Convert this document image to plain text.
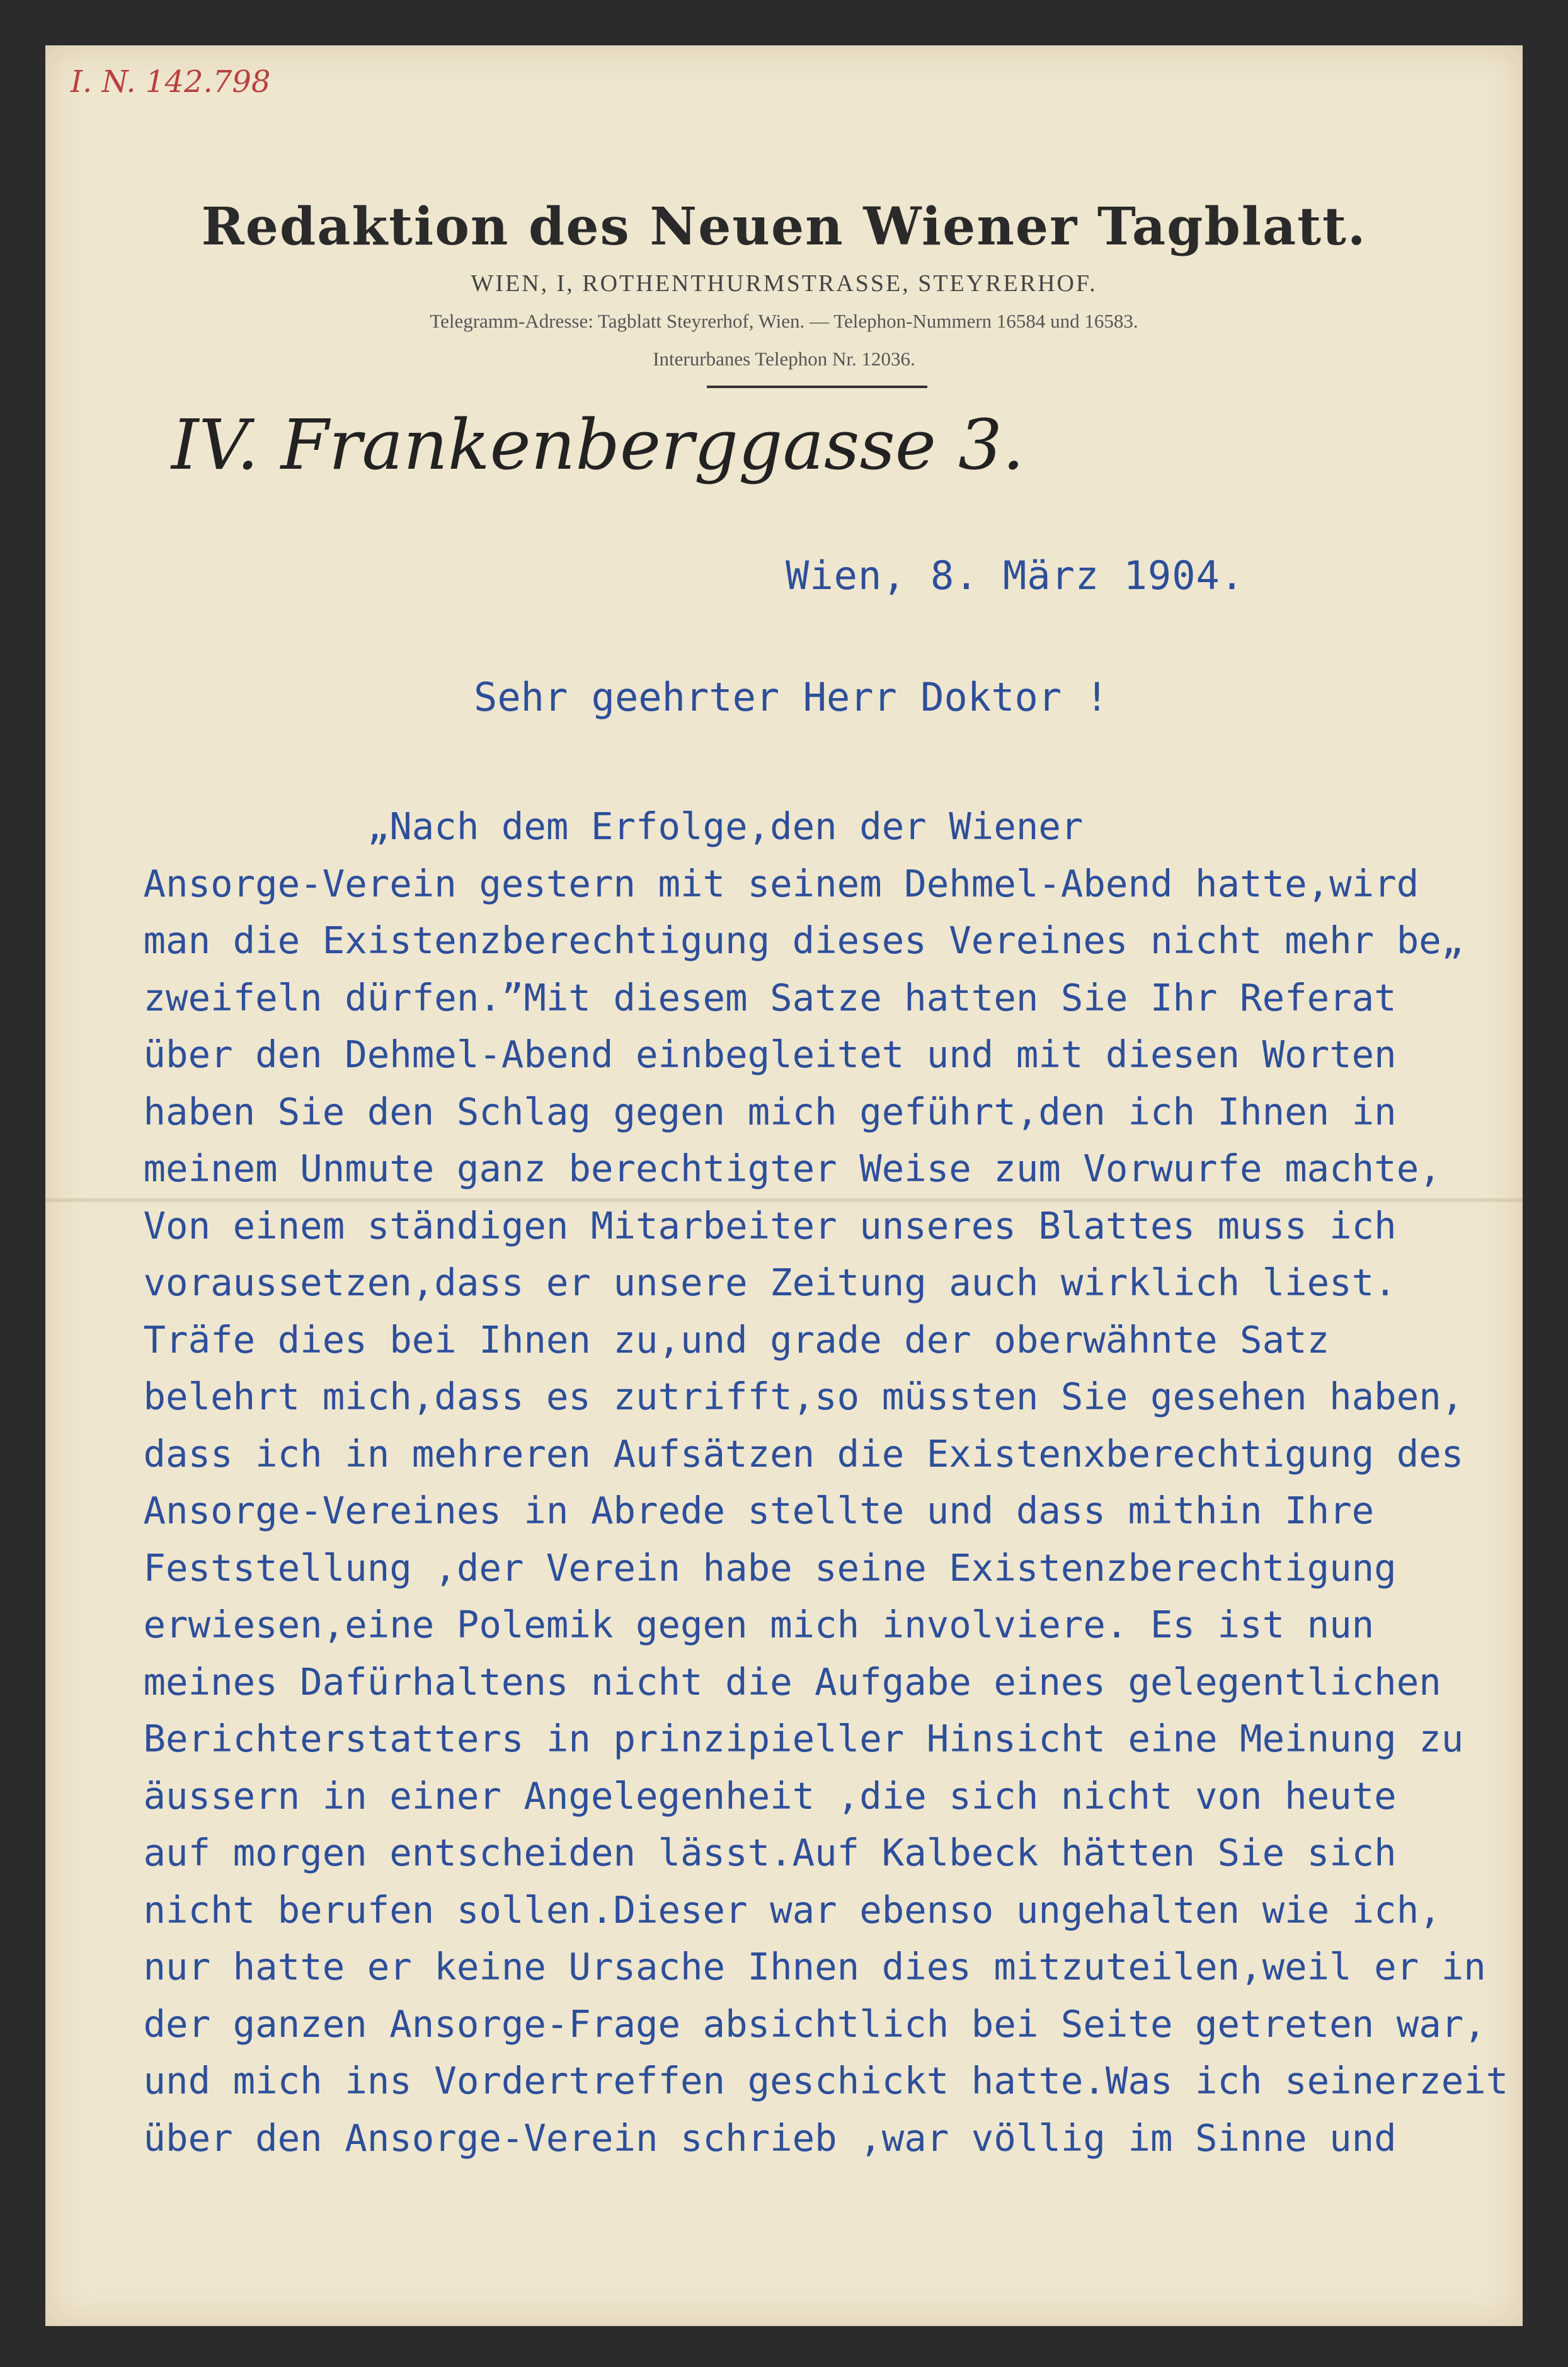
I. N. 142.798
Redaktion des Neuen Wiener Tagblatt.
WIEN, I, ROTHENTHURMSTRASSE, STEYRERHOF.
Telegramm-Adresse: Tagblatt Steyrerhof, Wien. — Telephon-Nummern 16584 und 16583.
Interurbanes Telephon Nr. 12036.
IV. Frankenberggasse 3.
Wien, 8. März 1904.
Sehr geehrter Herr Doktor !
„Nach dem Erfolge,den der Wiener
Ansorge-Verein gestern mit seinem Dehmel-Abend hatte,wird
man die Existenzberechtigung dieses Vereines nicht mehr be„
zweifeln dürfen.”Mit diesem Satze hatten Sie Ihr Referat
über den Dehmel-Abend einbegleitet und mit diesen Worten
haben Sie den Schlag gegen mich geführt,den ich Ihnen in
meinem Unmute ganz berechtigter Weise zum Vorwurfe machte,
Von einem ständigen Mitarbeiter unseres Blattes muss ich
voraussetzen,dass er unsere Zeitung auch wirklich liest.
Träfe dies bei Ihnen zu,und grade der oberwähnte Satz
belehrt mich,dass es zutrifft,so müssten Sie gesehen haben,
dass ich in mehreren Aufsätzen die Existenxberechtigung des
Ansorge-Vereines in Abrede stellte und dass mithin Ihre
Feststellung ,der Verein habe seine Existenzberechtigung
erwiesen,eine Polemik gegen mich involviere. Es ist nun
meines Dafürhaltens nicht die Aufgabe eines gelegentlichen
Berichterstatters in prinzipieller Hinsicht eine Meinung zu
äussern in einer Angelegenheit ,die sich nicht von heute
auf morgen entscheiden lässt.Auf Kalbeck hätten Sie sich
nicht berufen sollen.Dieser war ebenso ungehalten wie ich,
nur hatte er keine Ursache Ihnen dies mitzuteilen,weil er in
der ganzen Ansorge-Frage absichtlich bei Seite getreten war,
und mich ins Vordertreffen geschickt hatte.Was ich seinerzeit
über den Ansorge-Verein schrieb ,war völlig im Sinne und
